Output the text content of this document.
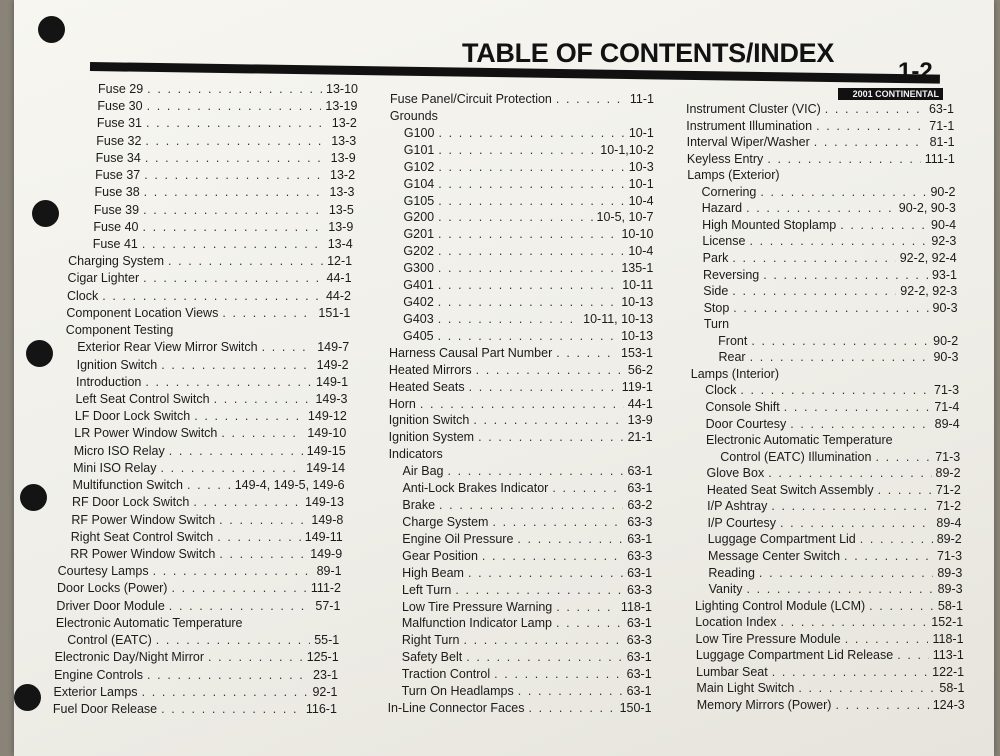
TABLE OF CONTENTS/INDEX
1-2
2001 CONTINENTAL
Fuse 29 . . .	13-10
Fuse 30 . . .	13-19
Fuse 31 . . .	13-2
Fuse 32 . . .	13-3
Fuse 34 . . .	13-9
Fuse 37 . . .	13-2
Fuse 38 . . .	13-3
Fuse 39 . . .	13-5
Fuse 40 . . .	13-9
Fuse 41 . . .	13-4
Charging System . . .	12-1
Cigar Lighter . . .	44-1
Clock . . .	44-2
Component Location Views . . .	151-1
Component Testing
Exterior Rear View Mirror Switch . . .	149-7
Ignition Switch . . .	149-2
Introduction . . .	149-1
Left Seat Control Switch . . .	149-3
LF Door Lock Switch . . .	149-12
LR Power Window Switch . . .	149-10
Micro ISO Relay . . .	149-15
Mini ISO Relay . . .	149-14
Multifunction Switch . . .	149-4, 149-5, 149-6
RF Door Lock Switch . . .	149-13
RF Power Window Switch . . .	149-8
Right Seat Control Switch . . .	149-11
RR Power Window Switch . . .	149-9
Courtesy Lamps . . .	89-1
Door Locks (Power) . . .	111-2
Driver Door Module . . .	57-1
Electronic Automatic Temperature
Control (EATC) . . .	55-1
Electronic Day/Night Mirror . . .	125-1
Engine Controls . . .	23-1
Exterior Lamps . . .	92-1
Fuel Door Release . . .	116-1
Fuse Panel/Circuit Protection . . .	11-1
Grounds
G100 . . .	10-1
G101 . . .	10-1,10-2
G102 . . .	10-3
G104 . . .	10-1
G105 . . .	10-4
G200 . . .	10-5, 10-7
G201 . . .	10-10
G202 . . .	10-4
G300 . . .	135-1
G401 . . .	10-11
G402 . . .	10-13
G403 . . .	10-11, 10-13
G405 . . .	10-13
Harness Causal Part Number . . .	153-1
Heated Mirrors . . .	56-2
Heated Seats . . .	119-1
Horn . . .	44-1
Ignition Switch . . .	13-9
Ignition System . . .	21-1
Indicators
Air Bag . . .	63-1
Anti-Lock Brakes Indicator . . .	63-1
Brake . . .	63-2
Charge System . . .	63-3
Engine Oil Pressure . . .	63-1
Gear Position . . .	63-3
High Beam . . .	63-1
Left Turn . . .	63-3
Low Tire Pressure Warning . . .	118-1
Malfunction Indicator Lamp . . .	63-1
Right Turn . . .	63-3
Safety Belt . . .	63-1
Traction Control . . .	63-1
Turn On Headlamps . . .	63-1
In-Line Connector Faces . . .	150-1
Instrument Cluster (VIC) . . .	63-1
Instrument Illumination . . .	71-1
Interval Wiper/Washer . . .	81-1
Keyless Entry . . .	111-1
Lamps (Exterior)
Cornering . . .	90-2
Hazard . . .	90-2, 90-3
High Mounted Stoplamp . . .	90-4
License . . .	92-3
Park . . .	92-2, 92-4
Reversing . . .	93-1
Side . . .	92-2, 92-3
Stop . . .	90-3
Turn
Front . . .	90-2
Rear . . .	90-3
Lamps (Interior)
Clock . . .	71-3
Console Shift . . .	71-4
Door Courtesy . . .	89-4
Electronic Automatic Temperature
Control (EATC) Illumination . . .	71-3
Glove Box . . .	89-2
Heated Seat Switch Assembly . . .	71-2
I/P Ashtray . . .	71-2
I/P Courtesy . . .	89-4
Luggage Compartment Lid . . .	89-2
Message Center Switch . . .	71-3
Reading . . .	89-3
Vanity . . .	89-3
Lighting Control Module (LCM) . . .	58-1
Location Index . . .	152-1
Low Tire Pressure Module . . .	118-1
Luggage Compartment Lid Release . . .	113-1
Lumbar Seat . . .	122-1
Main Light Switch . . .	58-1
Memory Mirrors (Power) . . .	124-3
